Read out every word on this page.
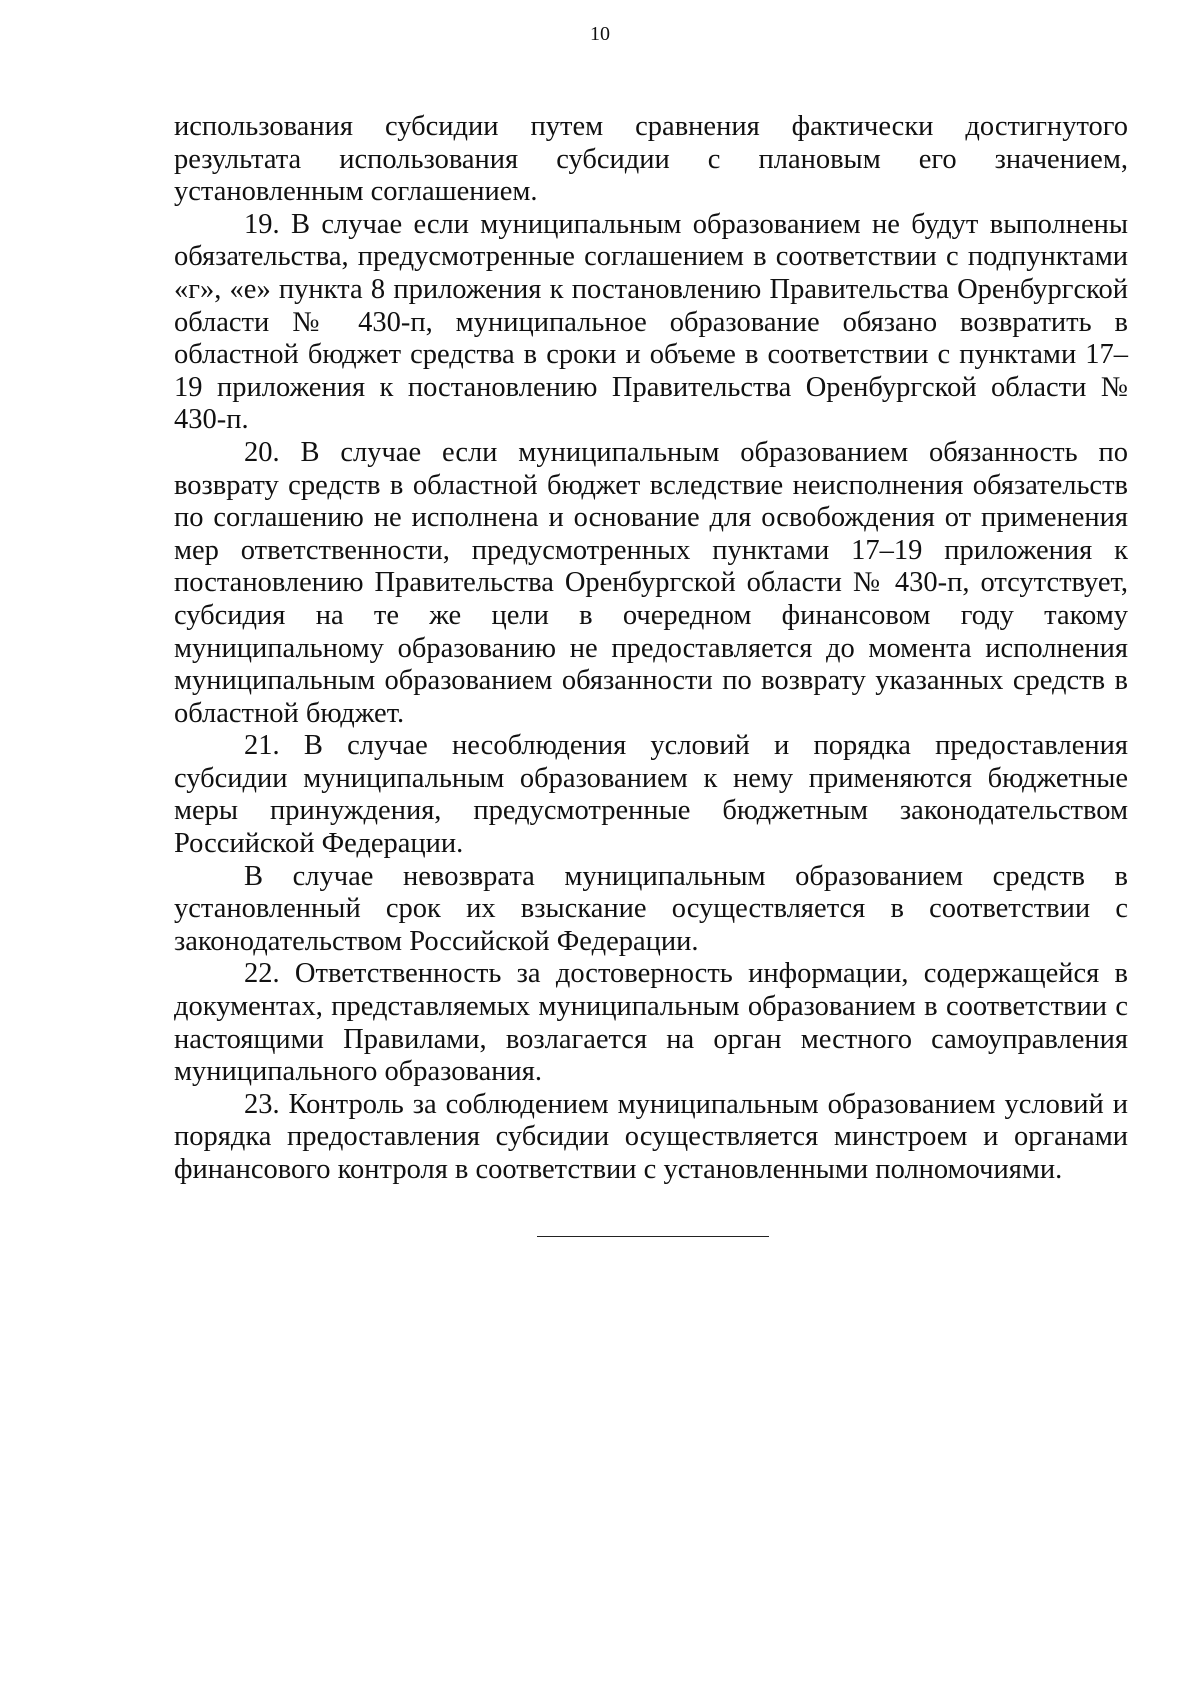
10

использования субсидии путем сравнения фактически достигнутого результата использования субсидии с плановым его значением, установленным соглашением.

19. В случае если муниципальным образованием не будут выполнены обязательства, предусмотренные соглашением в соответствии с подпунктами «г», «е» пункта 8 приложения к постановлению Правительства Оренбургской области № 430-п, муниципальное образование обязано возвратить в областной бюджет средства в сроки и объеме в соответствии с пунктами 17–19 приложения к постановлению Правительства Оренбургской области № 430-п.

20. В случае если муниципальным образованием обязанность по возврату средств в областной бюджет вследствие неисполнения обязательств по соглашению не исполнена и основание для освобождения от применения мер ответственности, предусмотренных пунктами 17–19 приложения к постановлению Правительства Оренбургской области № 430-п, отсутствует, субсидия на те же цели в очередном финансовом году такому муниципальному образованию не предоставляется до момента исполнения муниципальным образованием обязанности по возврату указанных средств в областной бюджет.

21. В случае несоблюдения условий и порядка предоставления субсидии муниципальным образованием к нему применяются бюджетные меры принуждения, предусмотренные бюджетным законодательством Российской Федерации.

В случае невозврата муниципальным образованием средств в установленный срок их взыскание осуществляется в соответствии с законодательством Российской Федерации.

22. Ответственность за достоверность информации, содержащейся в документах, представляемых муниципальным образованием в соответствии с настоящими Правилами, возлагается на орган местного самоуправления муниципального образования.

23. Контроль за соблюдением муниципальным образованием условий и порядка предоставления субсидии осуществляется минстроем и органами финансового контроля в соответствии с установленными полномочиями.
